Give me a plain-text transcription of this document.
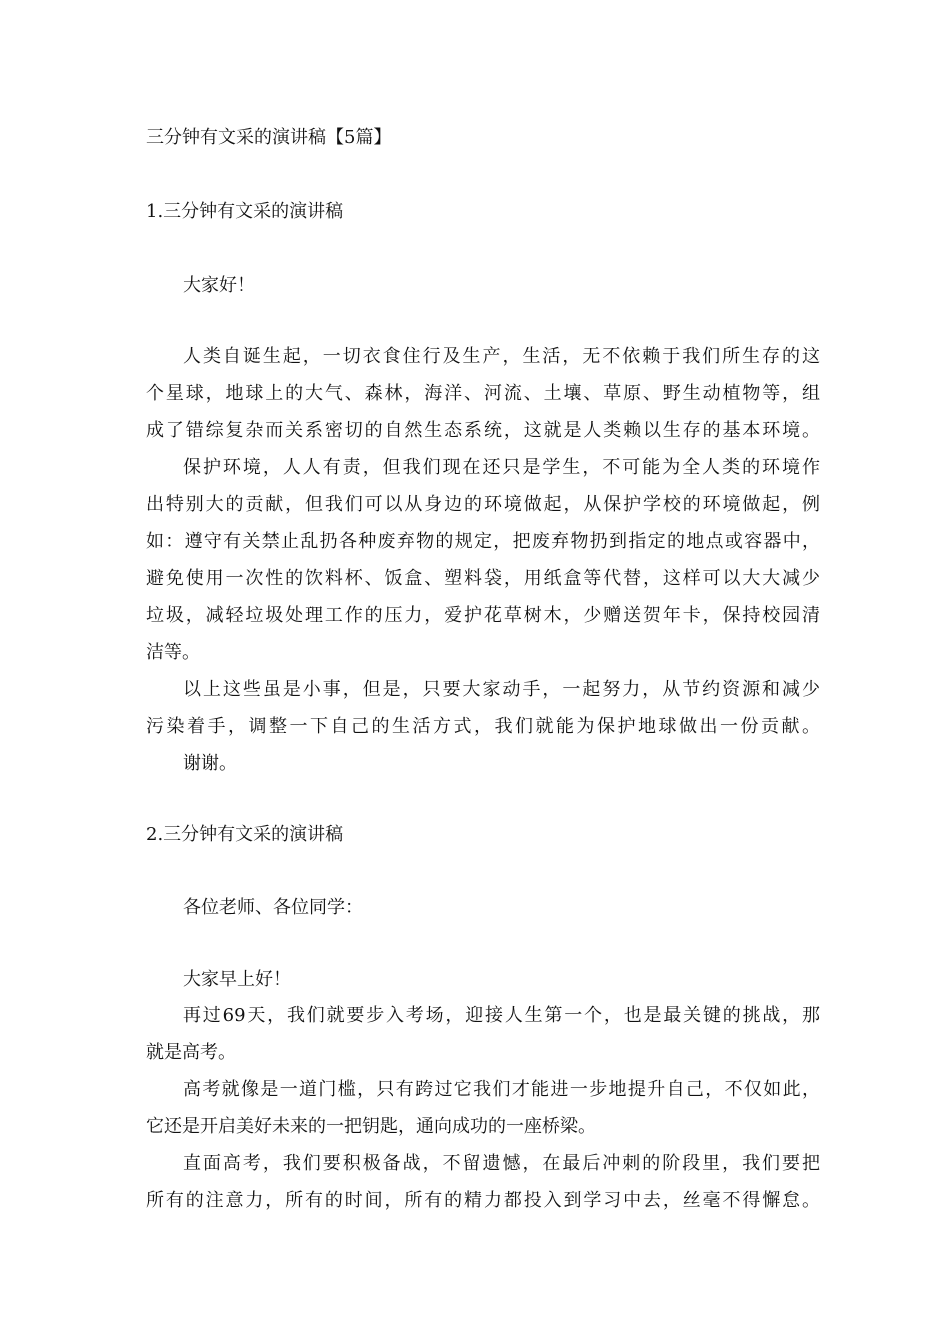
三分钟有文采的演讲稿【5篇】
1.三分钟有文采的演讲稿
大家好！
人类自诞生起，一切衣食住行及生产，生活，无不依赖于我们所生存的这
个星球，地球上的大气、森林，海洋、河流、土壤、草原、野生动植物等，组
成了错综复杂而关系密切的自然生态系统，这就是人类赖以生存的基本环境。
保护环境，人人有责，但我们现在还只是学生，不可能为全人类的环境作
出特别大的贡献，但我们可以从身边的环境做起，从保护学校的环境做起，例
如：遵守有关禁止乱扔各种废弃物的规定，把废弃物扔到指定的地点或容器中，
避免使用一次性的饮料杯、饭盒、塑料袋，用纸盒等代替，这样可以大大减少
垃圾，减轻垃圾处理工作的压力，爱护花草树木，少赠送贺年卡，保持校园清
洁等。
以上这些虽是小事，但是，只要大家动手，一起努力，从节约资源和减少
污染着手，调整一下自己的生活方式，我们就能为保护地球做出一份贡献。
谢谢。
2.三分钟有文采的演讲稿
各位老师、各位同学：
大家早上好！
再过69天，我们就要步入考场，迎接人生第一个，也是最关键的挑战，那
就是高考。
高考就像是一道门槛，只有跨过它我们才能进一步地提升自己，不仅如此，
它还是开启美好未来的一把钥匙，通向成功的一座桥梁。
直面高考，我们要积极备战，不留遗憾，在最后冲刺的阶段里，我们要把
所有的注意力，所有的时间，所有的精力都投入到学习中去，丝毫不得懈怠。
